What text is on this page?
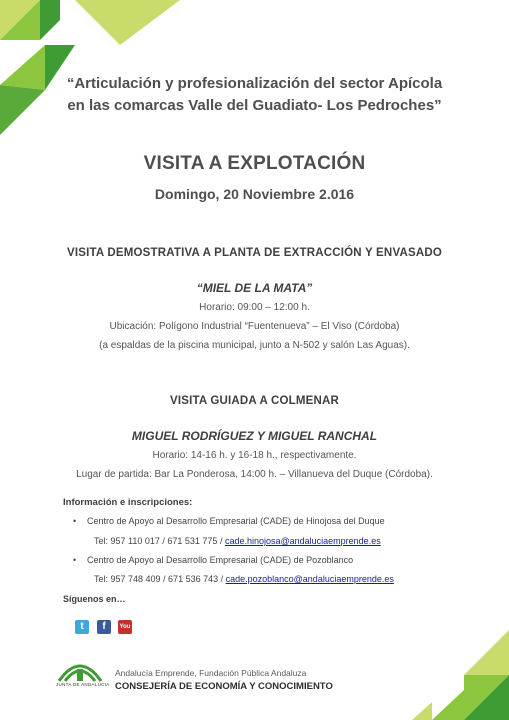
“Articulación y profesionalización del sector Apícola
en las comarcas Valle del Guadiato- Los Pedroches”
VISITA A EXPLOTACIÓN
Domingo, 20 Noviembre 2.016
VISITA DEMOSTRATIVA A PLANTA DE EXTRACCIÓN Y ENVASADO
“MIEL DE LA MATA”
Horario: 09:00 – 12:00 h.
Ubicación: Polígono Industrial “Fuentenueva” – El Viso (Córdoba)
(a espaldas de la piscina municipal, junto a N-502 y salón Las Aguas).
VISITA GUIADA A COLMENAR
MIGUEL RODRÍGUEZ Y MIGUEL RANCHAL
Horario: 14-16 h. y 16-18 h., respectivamente.
Lugar de partida: Bar La Ponderosa, 14:00 h. – Villanueva del Duque (Córdoba).
Información e inscripciones:
• Centro de Apoyo al Desarrollo Empresarial (CADE) de Hinojosa del Duque
Tel: 957 110 017 / 671 531 775 / cade.hinojosa@andaluciaemprende.es
• Centro de Apoyo al Desarrollo Empresarial (CADE) de Pozoblanco
Tel: 957 748 409 / 671 536 743 / cade.pozoblanco@andaluciaemprende.es
Síguenos en…
t	f	You
JUNTA DE ANDALUCIA
Andalucía Emprende, Fundación Pública Andaluza
CONSEJERÍA DE ECONOMÍA Y CONOCIMIENTO
